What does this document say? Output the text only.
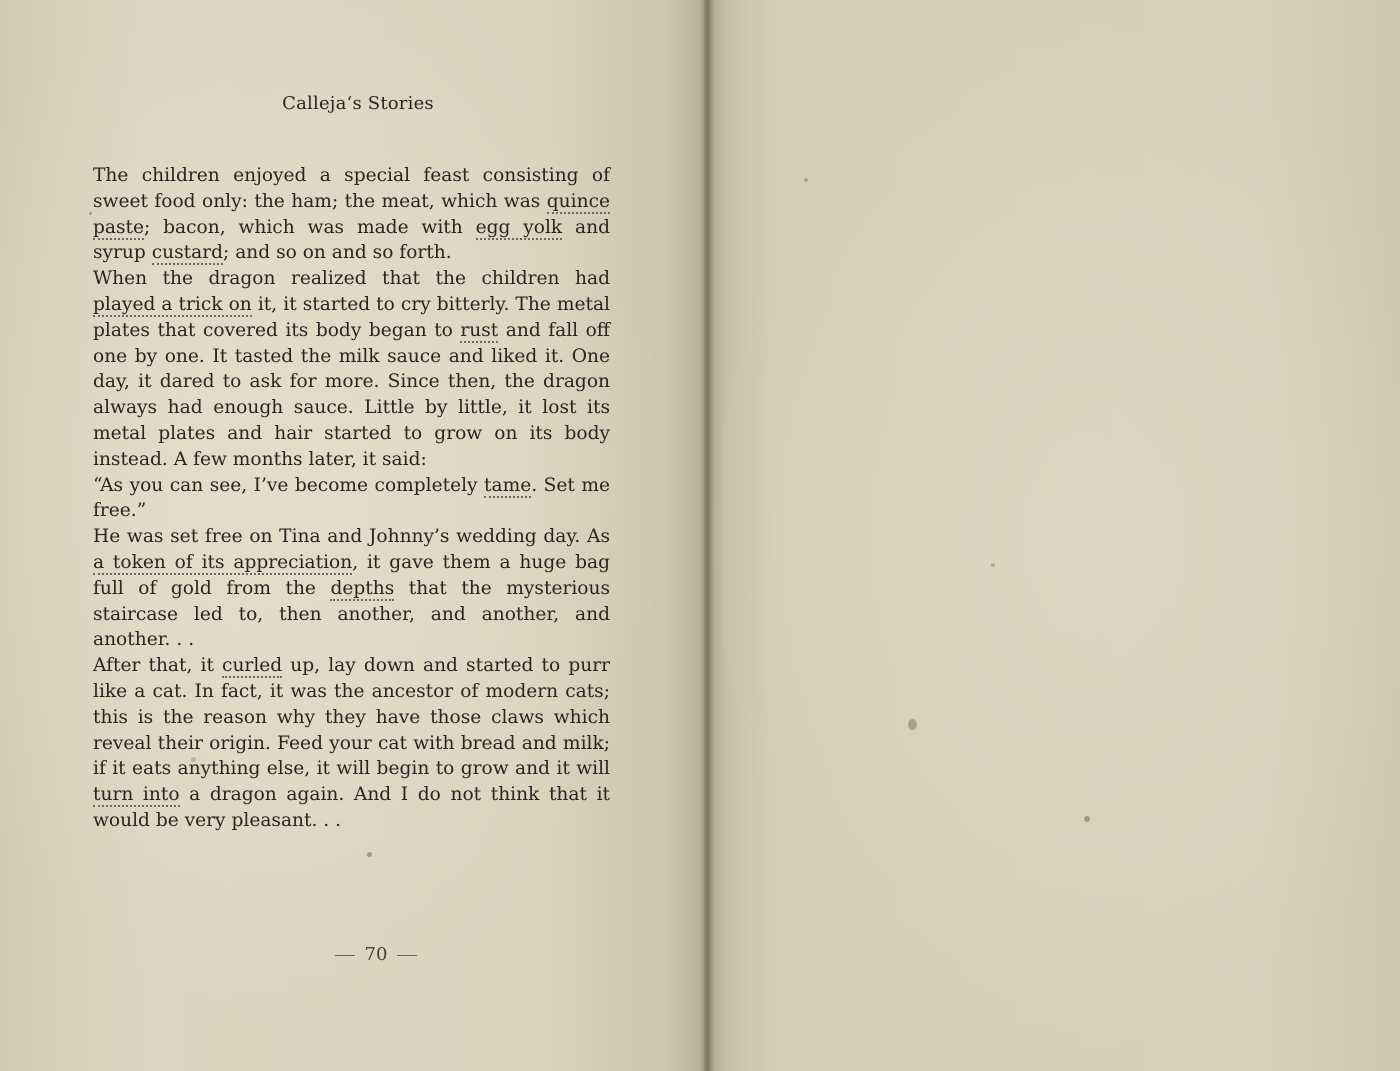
Calleja‘s Stories

The children enjoyed a special feast consisting of sweet food only: the ham; the meat, which was quince paste; bacon, which was made with egg yolk and syrup custard; and so on and so forth.

When the dragon realized that the children had played a trick on it, it started to cry bitterly. The metal plates that covered its body began to rust and fall off one by one. It tasted the milk sauce and liked it. One day, it dared to ask for more. Since then, the dragon always had enough sauce. Little by little, it lost its metal plates and hair started to grow on its body instead. A few months later, it said:

“As you can see, I’ve become completely tame. Set me free.”

He was set free on Tina and Johnny’s wedding day. As a token of its appreciation, it gave them a huge bag full of gold from the depths that the mysterious staircase led to, then another, and another, and another. . .

After that, it curled up, lay down and started to purr like a cat. In fact, it was the ancestor of modern cats; this is the reason why they have those claws which reveal their origin. Feed your cat with bread and milk; if it eats anything else, it will begin to grow and it will turn into a dragon again. And I do not think that it would be very pleasant. . .

70
